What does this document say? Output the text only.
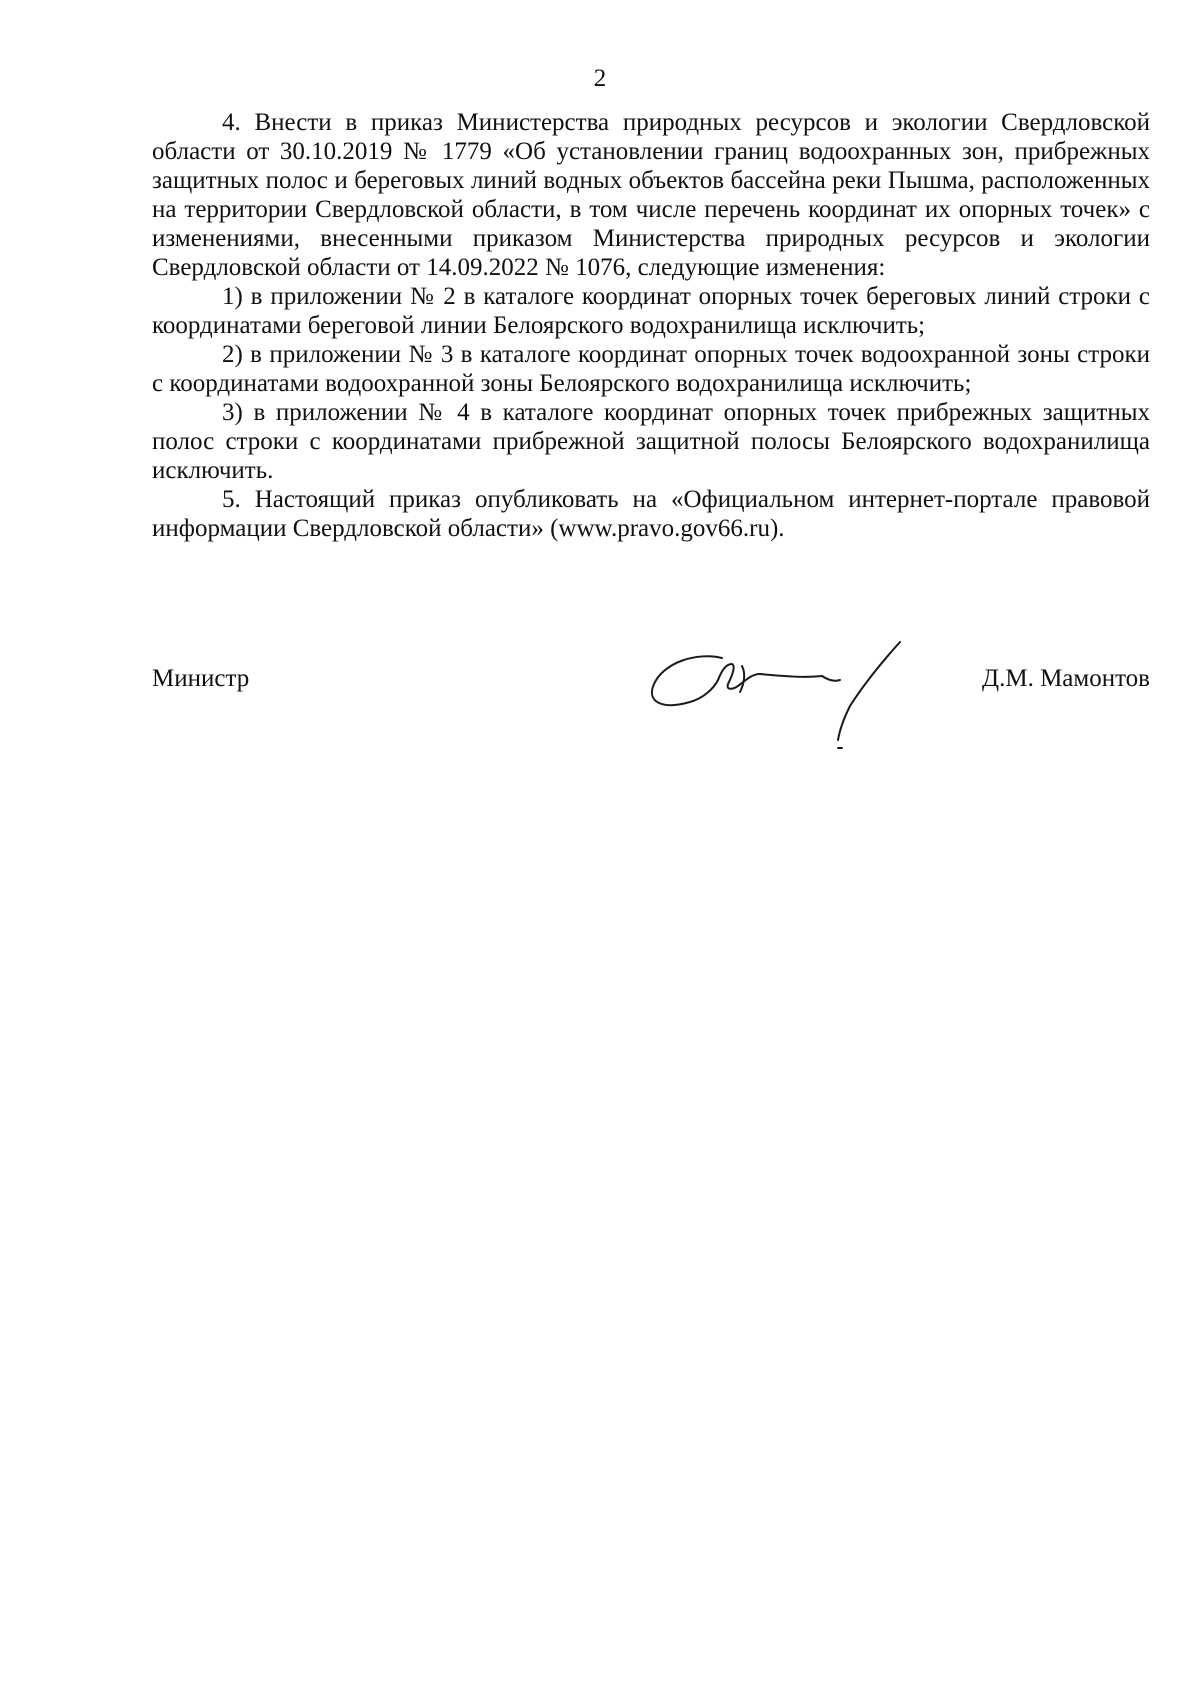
2

4. Внести в приказ Министерства природных ресурсов и экологии Свердловской области от 30.10.2019 № 1779 «Об установлении границ водоохранных зон, прибрежных защитных полос и береговых линий водных объектов бассейна реки Пышма, расположенных на территории Свердловской области, в том числе перечень координат их опорных точек» с изменениями, внесенными приказом Министерства природных ресурсов и экологии Свердловской области от 14.09.2022 № 1076, следующие изменения:

1) в приложении № 2 в каталоге координат опорных точек береговых линий строки с координатами береговой линии Белоярского водохранилища исключить;

2) в приложении № 3 в каталоге координат опорных точек водоохранной зоны строки с координатами водоохранной зоны Белоярского водохранилища исключить;

3) в приложении № 4 в каталоге координат опорных точек прибрежных защитных полос строки с координатами прибрежной защитной полосы Белоярского водохранилища исключить.

5. Настоящий приказ опубликовать на «Официальном интернет-портале правовой информации Свердловской области» (www.pravo.gov66.ru).

Министр	Д.М. Мамонтов
